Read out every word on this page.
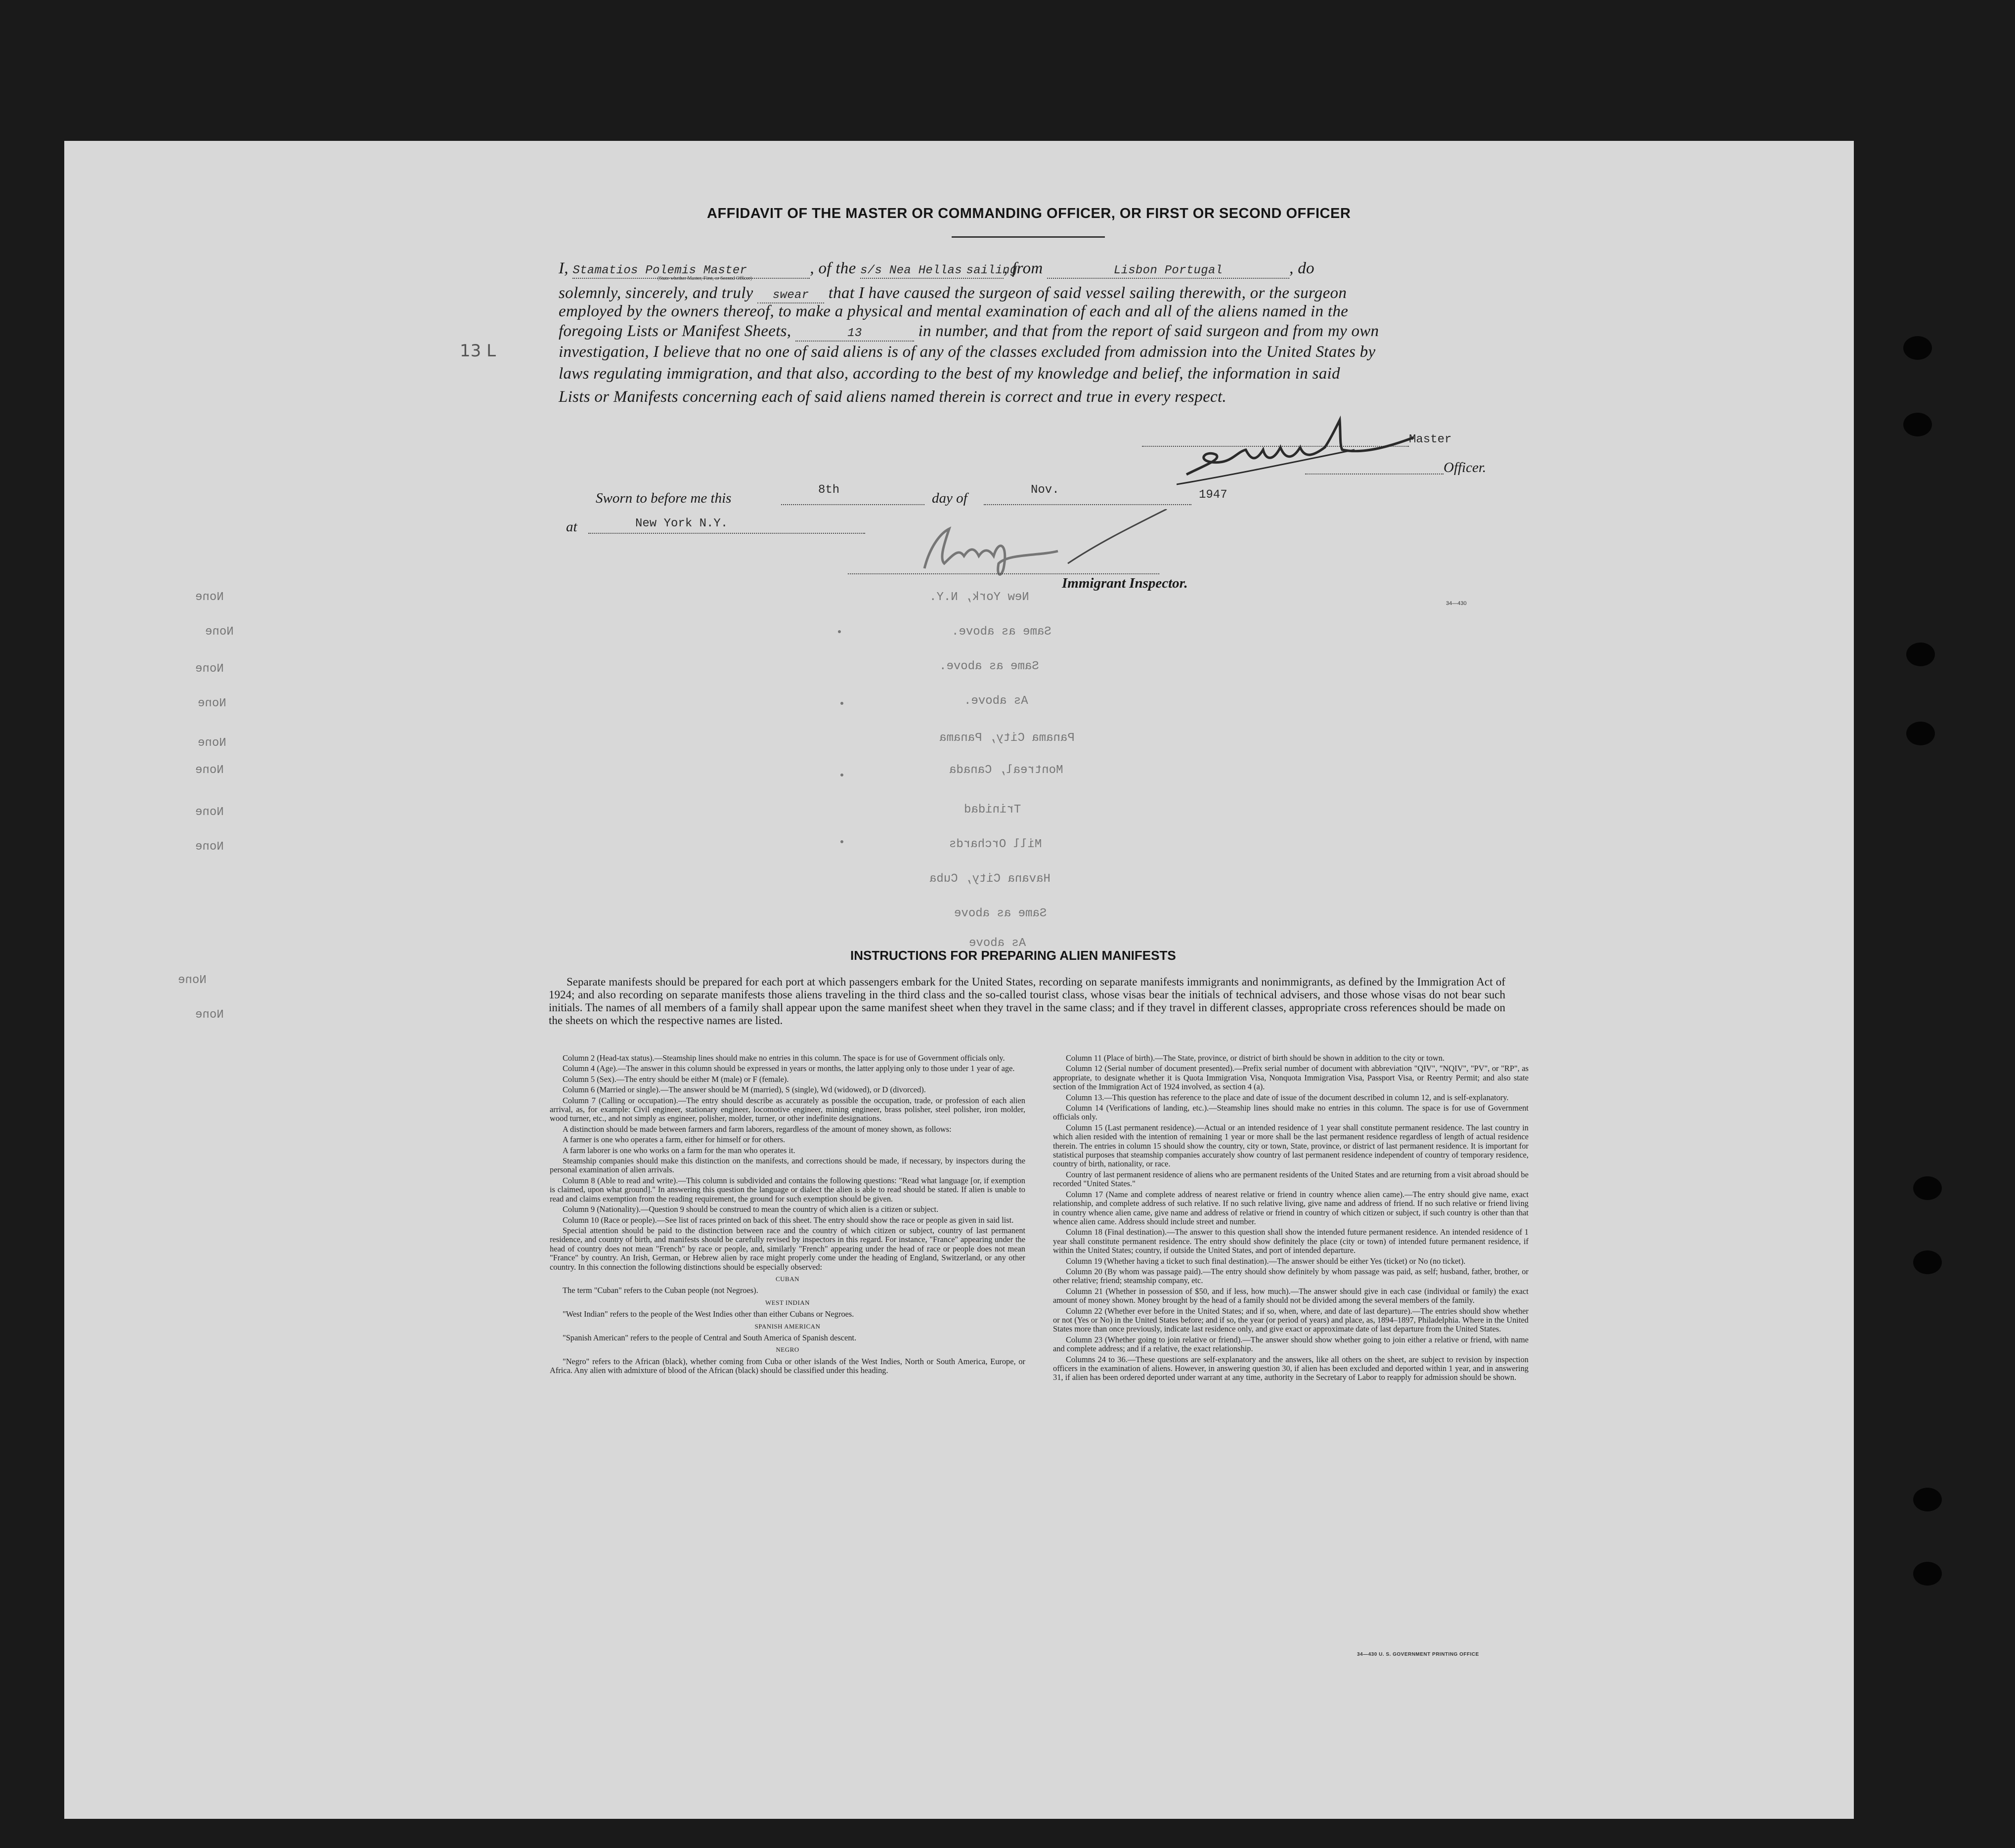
AFFIDAVIT OF THE MASTER OR COMMANDING OFFICER, OR FIRST OR SECOND OFFICER
I, Stamatios Polemis Master	, of the s/s Nea Hellas sailing, from	Lisbon Portugal	, do
(State whether Master, First, or Second Officer)
solemnly, sincerely, and truly swear that I have caused the surgeon of said vessel sailing therewith, or the surgeon
employed by the owners thereof, to make a physical and mental examination of each and all of the aliens named in the
foregoing Lists or Manifest Sheets,	13	in number, and that from the report of said surgeon and from my own
investigation, I believe that no one of said aliens is of any of the classes excluded from admission into the United States by
laws regulating immigration, and that also, according to the best of my knowledge and belief, the information in said
Lists or Manifests concerning each of said aliens named therein is correct and true in every respect.
13 L
Master
Officer.
Sworn to before me this
8th
day of
Nov.	1947
at	New York N.Y.
Immigrant Inspector.
34—430
New York, N.Y.
Same as above.
Same as above.
As above.
Panama City, Panama
Montreal, Canada
Trinidad
Mill Orchards
Havana City, Cuba
Same as above
As above
None
None
None
None
None
None
None
None
None
None
INSTRUCTIONS FOR PREPARING ALIEN MANIFESTS
Separate manifests should be prepared for each port at which passengers embark for the United States, recording on separate manifests immigrants and nonimmigrants, as defined by the Immigration Act of 1924; and also recording on separate manifests those aliens traveling in the third class and the so-called tourist class, whose visas bear the initials of technical advisers, and those whose visas do not bear such initials. The names of all members of a family shall appear upon the same manifest sheet when they travel in the same class; and if they travel in different classes, appropriate cross references should be made on the sheets on which the respective names are listed.

Column 2 (Head-tax status).—Steamship lines should make no entries in this column. The space is for use of Government officials only.

Column 4 (Age).—The answer in this column should be expressed in years or months, the latter applying only to those under 1 year of age.

Column 5 (Sex).—The entry should be either M (male) or F (female).

Column 6 (Married or single).—The answer should be M (married), S (single), Wd (widowed), or D (divorced).

Column 7 (Calling or occupation).—The entry should describe as accurately as possible the occupation, trade, or profession of each alien arrival, as, for example: Civil engineer, stationary engineer, locomotive engineer, mining engineer, brass polisher, steel polisher, iron molder, wood turner, etc., and not simply as engineer, polisher, molder, turner, or other indefinite designations.

A distinction should be made between farmers and farm laborers, regardless of the amount of money shown, as follows:

A farmer is one who operates a farm, either for himself or for others.

A farm laborer is one who works on a farm for the man who operates it.

Steamship companies should make this distinction on the manifests, and corrections should be made, if necessary, by inspectors during the personal examination of alien arrivals.

Column 8 (Able to read and write).—This column is subdivided and contains the following questions: "Read what language [or, if exemption is claimed, upon what ground]." In answering this question the language or dialect the alien is able to read should be stated. If alien is unable to read and claims exemption from the reading requirement, the ground for such exemption should be given.

Column 9 (Nationality).—Question 9 should be construed to mean the country of which alien is a citizen or subject.

Column 10 (Race or people).—See list of races printed on back of this sheet. The entry should show the race or people as given in said list.

Special attention should be paid to the distinction between race and the country of which citizen or subject, country of last permanent residence, and country of birth, and manifests should be carefully revised by inspectors in this regard. For instance, "France" appearing under the head of country does not mean "French" by race or people, and, similarly "French" appearing under the head of race or people does not mean "France" by country. An Irish, German, or Hebrew alien by race might properly come under the heading of England, Switzerland, or any other country. In this connection the following distinctions should be especially observed:

CUBAN

The term "Cuban" refers to the Cuban people (not Negroes).

WEST INDIAN

"West Indian" refers to the people of the West Indies other than either Cubans or Negroes.

SPANISH AMERICAN

"Spanish American" refers to the people of Central and South America of Spanish descent.

NEGRO

"Negro" refers to the African (black), whether coming from Cuba or other islands of the West Indies, North or South America, Europe, or Africa. Any alien with admixture of blood of the African (black) should be classified under this heading.

Column 11 (Place of birth).—The State, province, or district of birth should be shown in addition to the city or town.

Column 12 (Serial number of document presented).—Prefix serial number of document with abbreviation "QIV", "NQIV", "PV", or "RP", as appropriate, to designate whether it is Quota Immigration Visa, Nonquota Immigration Visa, Passport Visa, or Reentry Permit; and also state section of the Immigration Act of 1924 involved, as section 4 (a).

Column 13.—This question has reference to the place and date of issue of the document described in column 12, and is self-explanatory.

Column 14 (Verifications of landing, etc.).—Steamship lines should make no entries in this column. The space is for use of Government officials only.

Column 15 (Last permanent residence).—Actual or an intended residence of 1 year shall constitute permanent residence. The last country in which alien resided with the intention of remaining 1 year or more shall be the last permanent residence regardless of length of actual residence therein. The entries in column 15 should show the country, city or town, State, province, or district of last permanent residence. It is important for statistical purposes that steamship companies accurately show country of last permanent residence independent of country of temporary residence, country of birth, nationality, or race.

Country of last permanent residence of aliens who are permanent residents of the United States and are returning from a visit abroad should be recorded "United States."

Column 17 (Name and complete address of nearest relative or friend in country whence alien came).—The entry should give name, exact relationship, and complete address of such relative. If no such relative living, give name and address of friend. If no such relative or friend living in country whence alien came, give name and address of relative or friend in country of which citizen or subject, if such country is other than that whence alien came. Address should include street and number.

Column 18 (Final destination).—The answer to this question shall show the intended future permanent residence. An intended residence of 1 year shall constitute permanent residence. The entry should show definitely the place (city or town) of intended future permanent residence, if within the United States; country, if outside the United States, and port of intended departure.

Column 19 (Whether having a ticket to such final destination).—The answer should be either Yes (ticket) or No (no ticket).

Column 20 (By whom was passage paid).—The entry should show definitely by whom passage was paid, as self; husband, father, brother, or other relative; friend; steamship company, etc.

Column 21 (Whether in possession of $50, and if less, how much).—The answer should give in each case (individual or family) the exact amount of money shown. Money brought by the head of a family should not be divided among the several members of the family.

Column 22 (Whether ever before in the United States; and if so, when, where, and date of last departure).—The entries should show whether or not (Yes or No) in the United States before; and if so, the year (or period of years) and place, as, 1894–1897, Philadelphia. Where in the United States more than once previously, indicate last residence only, and give exact or approximate date of last departure from the United States.

Column 23 (Whether going to join relative or friend).—The answer should show whether going to join either a relative or friend, with name and complete address; and if a relative, the exact relationship.

Columns 24 to 36.—These questions are self-explanatory and the answers, like all others on the sheet, are subject to revision by inspection officers in the examination of aliens. However, in answering question 30, if alien has been excluded and deported within 1 year, and in answering 31, if alien has been ordered deported under warrant at any time, authority in the Secretary of Labor to reapply for admission should be shown.

34—430 U. S. GOVERNMENT PRINTING OFFICE
